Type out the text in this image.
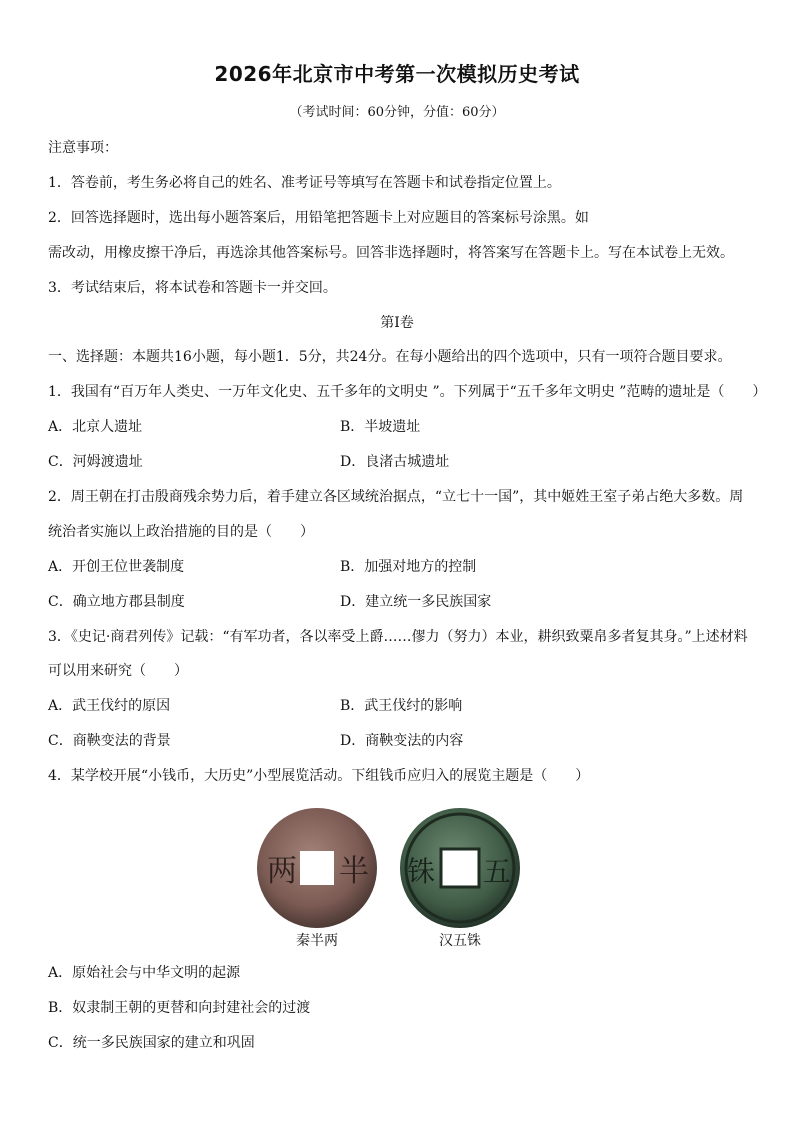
2026年北京市中考第一次模拟历史考试
（考试时间：60分钟，分值：60分）
注意事项：
1．答卷前，考生务必将自己的姓名、准考证号等填写在答题卡和试卷指定位置上。
2．回答选择题时，选出每小题答案后，用铅笔把答题卡上对应题目的答案标号涂黑。如
需改动，用橡皮擦干净后，再选涂其他答案标号。回答非选择题时，将答案写在答题卡上。写在本试卷上无效。
3．考试结束后，将本试卷和答题卡一并交回。
第Ⅰ卷
一、选择题：本题共16小题，每小题1．5分，共24分。在每小题给出的四个选项中，只有一项符合题目要求。
1．我国有“百万年人类史、一万年文化史、五千多年的文明史 ”。下列属于“五千多年文明史 ”范畴的遗址是（　　）
A．北京人遗址	B．半坡遗址
C．河姆渡遗址	D．良渚古城遗址
2．周王朝在打击殷商残余势力后，着手建立各区域统治据点，“立七十一国”，其中姬姓王室子弟占绝大多数。周
统治者实施以上政治措施的目的是（　　）
A．开创王位世袭制度	B．加强对地方的控制
C．确立地方郡县制度	D．建立统一多民族国家
3．《史记·商君列传》记载：“有军功者，各以率受上爵……僇力（努力）本业，耕织致粟帛多者复其身。”上述材料
可以用来研究（　　）
A．武王伐纣的原因	B．武王伐纣的影响
C．商鞅变法的背景	D．商鞅变法的内容
4．某学校开展“小钱币，大历史”小型展览活动。下组钱币应归入的展览主题是（　　）
两 半 铢 五
秦半两	汉五铢
A．原始社会与中华文明的起源
B．奴隶制王朝的更替和向封建社会的过渡
C．统一多民族国家的建立和巩固
